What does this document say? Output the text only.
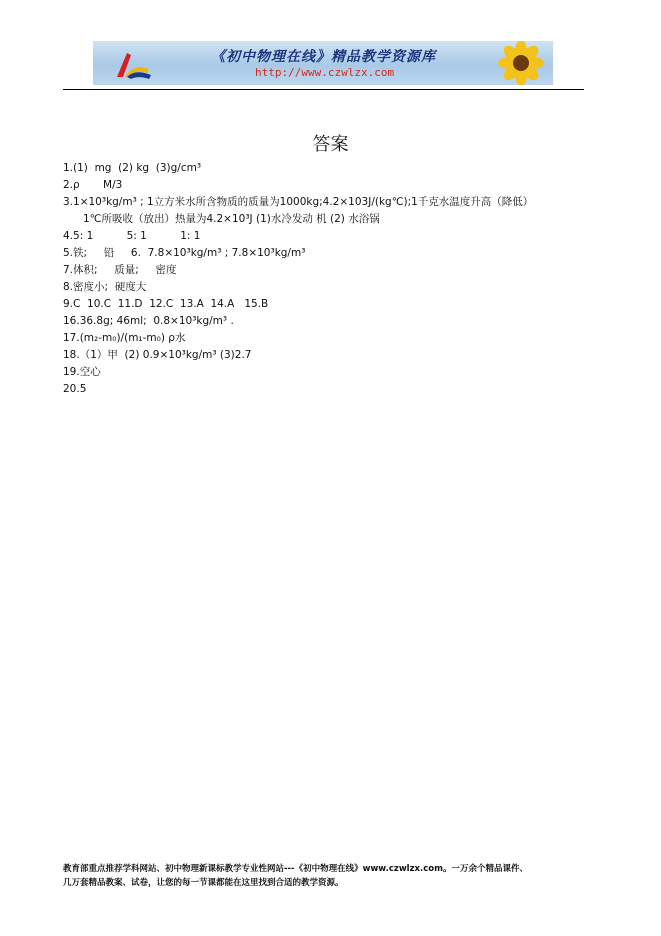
《初中物理在线》精品教学资源库
http://www.czwlzx.com
答案
1.(1)  mg  (2) kg  (3)g/cm³
2.ρ       M/3
3.1×10³kg/m³ ; 1立方米水所含物质的质量为1000kg;4.2×103J/(kg℃);1千克水温度升高（降低）
1℃所吸收（放出）热量为4.2×10³J (1)水冷发动 机 (2) 水浴锅
4.5: 1          5: 1          1: 1
5.铁;     铅     6.  7.8×10³kg/m³ ; 7.8×10³kg/m³
7.体积;     质量;     密度
8.密度小;  硬度大
9.C  10.C  11.D  12.C  13.A  14.A   15.B
16.36.8g; 46ml;  0.8×10³kg/m³ .
17.(m₂-m₀)/(m₁-m₀) ρ水
18.（1）甲  (2) 0.9×10³kg/m³ (3)2.7
19.空心
20.5
教育部重点推荐学科网站、初中物理新课标教学专业性网站---《初中物理在线》www.czwlzx.com。一万余个精品课件、
几万套精品教案、试卷，让您的每一节课都能在这里找到合适的教学资源。
